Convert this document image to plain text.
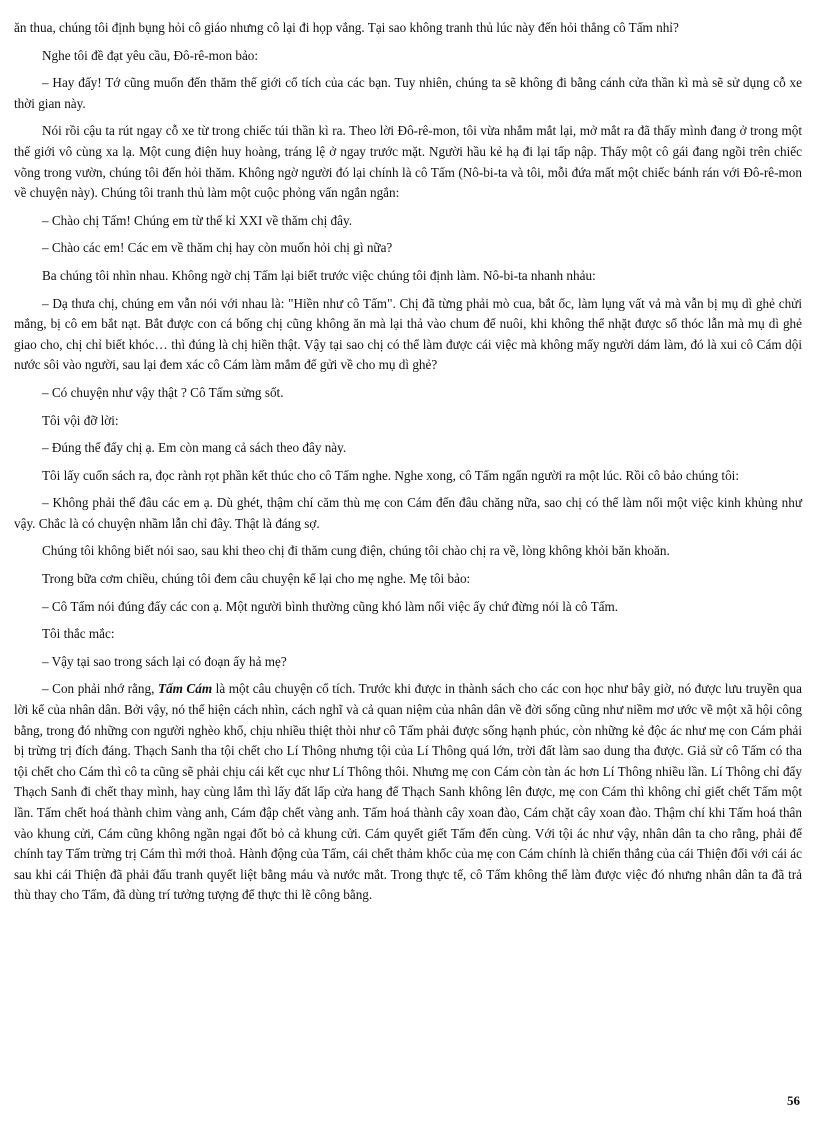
ăn thua, chúng tôi định bụng hỏi cô giáo nhưng cô lại đi họp vắng. Tại sao không tranh thủ lúc này đến hỏi thẳng cô Tấm nhỉ?

Nghe tôi đề đạt yêu cầu, Đô-rê-mon bảo:

– Hay đấy! Tớ cũng muốn đến thăm thế giới cổ tích của các bạn. Tuy nhiên, chúng ta sẽ không đi bằng cánh cửa thần kì mà sẽ sử dụng cỗ xe thời gian này.

Nói rồi cậu ta rút ngay cỗ xe từ trong chiếc túi thần kì ra. Theo lời Đô-rê-mon, tôi vừa nhắm mắt lại, mở mắt ra đã thấy mình đang ở trong một thế giới vô cùng xa lạ. Một cung điện huy hoàng, tráng lệ ở ngay trước mặt. Người hầu kẻ hạ đi lại tấp nập. Thấy một cô gái đang ngồi trên chiếc võng trong vườn, chúng tôi đến hỏi thăm. Không ngờ người đó lại chính là cô Tấm (Nô-bi-ta và tôi, mỗi đứa mất một chiếc bánh rán với Đô-rê-mon về chuyện này). Chúng tôi tranh thủ làm một cuộc phỏng vấn ngắn ngắn:

– Chào chị Tấm! Chúng em từ thế kỉ XXI về thăm chị đây.

– Chào các em! Các em về thăm chị hay còn muốn hỏi chị gì nữa?

Ba chúng tôi nhìn nhau. Không ngờ chị Tấm lại biết trước việc chúng tôi định làm. Nô-bi-ta nhanh nhảu:

– Dạ thưa chị, chúng em vẫn nói với nhau là: "Hiền như cô Tấm". Chị đã từng phải mò cua, bắt ốc, làm lụng vất vả mà vẫn bị mụ dì ghẻ chửi mắng, bị cô em bắt nạt. Bắt được con cá bống chị cũng không ăn mà lại thả vào chum để nuôi, khi không thể nhặt được số thóc lẫn mà mụ dì ghẻ giao cho, chị chỉ biết khóc… thì đúng là chị hiền thật. Vậy tại sao chị có thể làm được cái việc mà không mấy người dám làm, đó là xui cô Cám dội nước sôi vào người, sau lại đem xác cô Cám làm mắm để gửi về cho mụ dì ghẻ?

– Có chuyện như vậy thật ? Cô Tấm sửng sốt.

Tôi vội đỡ lời:

– Đúng thế đấy chị ạ. Em còn mang cả sách theo đây này.

Tôi lấy cuốn sách ra, đọc rành rọt phần kết thúc cho cô Tấm nghe. Nghe xong, cô Tấm ngẩn người ra một lúc. Rồi cô bảo chúng tôi:

– Không phải thế đâu các em ạ. Dù ghét, thậm chí căm thù mẹ con Cám đến đâu chăng nữa, sao chị có thể làm nổi một việc kinh khủng như vậy. Chắc là có chuyện nhầm lẫn chỉ đây. Thật là đáng sợ.

Chúng tôi không biết nói sao, sau khi theo chị đi thăm cung điện, chúng tôi chào chị ra về, lòng không khỏi băn khoăn.

Trong bữa cơm chiều, chúng tôi đem câu chuyện kể lại cho mẹ nghe. Mẹ tôi bảo:

– Cô Tấm nói đúng đấy các con ạ. Một người bình thường cũng khó làm nổi việc ấy chứ đừng nói là cô Tấm.

Tôi thắc mắc:

– Vậy tại sao trong sách lại có đoạn ấy hả mẹ?

– Con phải nhớ rằng, Tấm Cám là một câu chuyện cổ tích. Trước khi được in thành sách cho các con học như bây giờ, nó được lưu truyền qua lời kể của nhân dân. Bởi vậy, nó thể hiện cách nhìn, cách nghĩ và cả quan niệm của nhân dân về đời sống cũng như niềm mơ ước về một xã hội công bằng, trong đó những con người nghèo khổ, chịu nhiều thiệt thòi như cô Tấm phải được sống hạnh phúc, còn những kẻ độc ác như mẹ con Cám phải bị trừng trị đích đáng. Thạch Sanh tha tội chết cho Lí Thông nhưng tội của Lí Thông quá lớn, trời đất làm sao dung tha được. Giả sử cô Tấm có tha tội chết cho Cám thì cô ta cũng sẽ phải chịu cái kết cục như Lí Thông thôi. Nhưng mẹ con Cám còn tàn ác hơn Lí Thông nhiều lần. Lí Thông chỉ đẩy Thạch Sanh đi chết thay mình, hay cùng lắm thì lấy đất lấp cửa hang để Thạch Sanh không lên được, mẹ con Cám thì không chỉ giết chết Tấm một lần. Tấm chết hoá thành chim vàng anh, Cám đập chết vàng anh. Tấm hoá thành cây xoan đào, Cám chặt cây xoan đào. Thậm chí khi Tấm hoá thân vào khung cửi, Cám cũng không ngần ngại đốt bỏ cả khung cửi. Cám quyết giết Tấm đến cùng. Với tội ác như vậy, nhân dân ta cho rằng, phải để chính tay Tấm trừng trị Cám thì mới thoả. Hành động của Tấm, cái chết thảm khốc của mẹ con Cám chính là chiến thắng của cái Thiện đối với cái ác sau khi cái Thiện đã phải đấu tranh quyết liệt bằng máu và nước mắt. Trong thực tế, cô Tấm không thể làm được việc đó nhưng nhân dân ta đã trả thù thay cho Tấm, đã dùng trí tưởng tượng để thực thi lẽ công bằng.

56
